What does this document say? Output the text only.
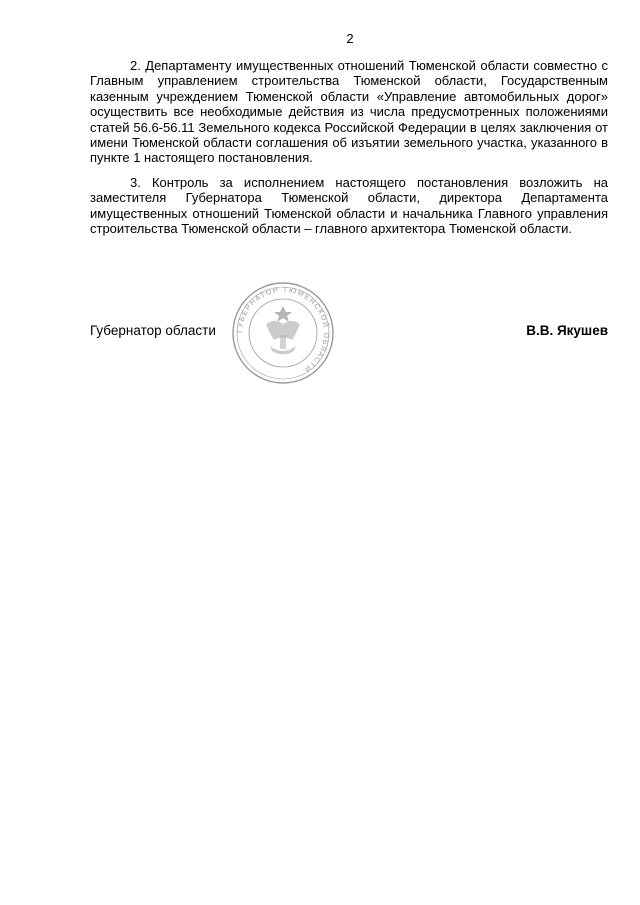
2

2. Департаменту имущественных отношений Тюменской области совместно с Главным управлением строительства Тюменской области, Государственным казенным учреждением Тюменской области «Управление автомобильных дорог» осуществить все необходимые действия из числа предусмотренных положениями статей 56.6-56.11 Земельного кодекса Российской Федерации в целях заключения от имени Тюменской области соглашения об изъятии земельного участка, указанного в пункте 1 настоящего постановления.

3. Контроль за исполнением настоящего постановления возложить на заместителя Губернатора Тюменской области, директора Департамента имущественных отношений Тюменской области и начальника Главного управления строительства Тюменской области – главного архитектора Тюменской области.

Губернатор области	В.В. Якушев
ГУБЕРНАТОР ТЮМЕНСКОЙ ОБЛАСТИ
